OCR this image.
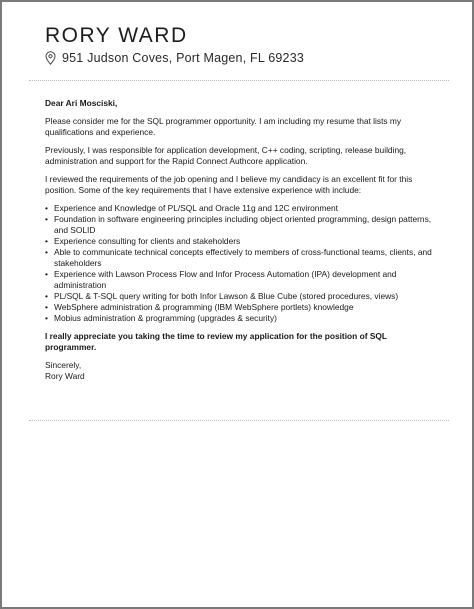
RORY WARD
951 Judson Coves, Port Magen, FL 69233

Dear Ari Mosciski,

Please consider me for the SQL programmer opportunity. I am including my resume that lists my qualifications and experience.

Previously, I was responsible for application development, C++ coding, scripting, release building, administration and support for the Rapid Connect Authcore application.

I reviewed the requirements of the job opening and I believe my candidacy is an excellent fit for this position. Some of the key requirements that I have extensive experience with include:

• Experience and Knowledge of PL/SQL and Oracle 11g and 12C environment
• Foundation in software engineering principles including object oriented programming, design patterns, and SOLID
• Experience consulting for clients and stakeholders
• Able to communicate technical concepts effectively to members of cross-functional teams, clients, and stakeholders
• Experience with Lawson Process Flow and Infor Process Automation (IPA) development and administration
• PL/SQL & T-SQL query writing for both Infor Lawson & Blue Cube (stored procedures, views)
• WebSphere administration & programming (IBM WebSphere portlets) knowledge
• Mobius administration & programming (upgrades & security)

I really appreciate you taking the time to review my application for the position of SQL programmer.

Sincerely,

Rory Ward
